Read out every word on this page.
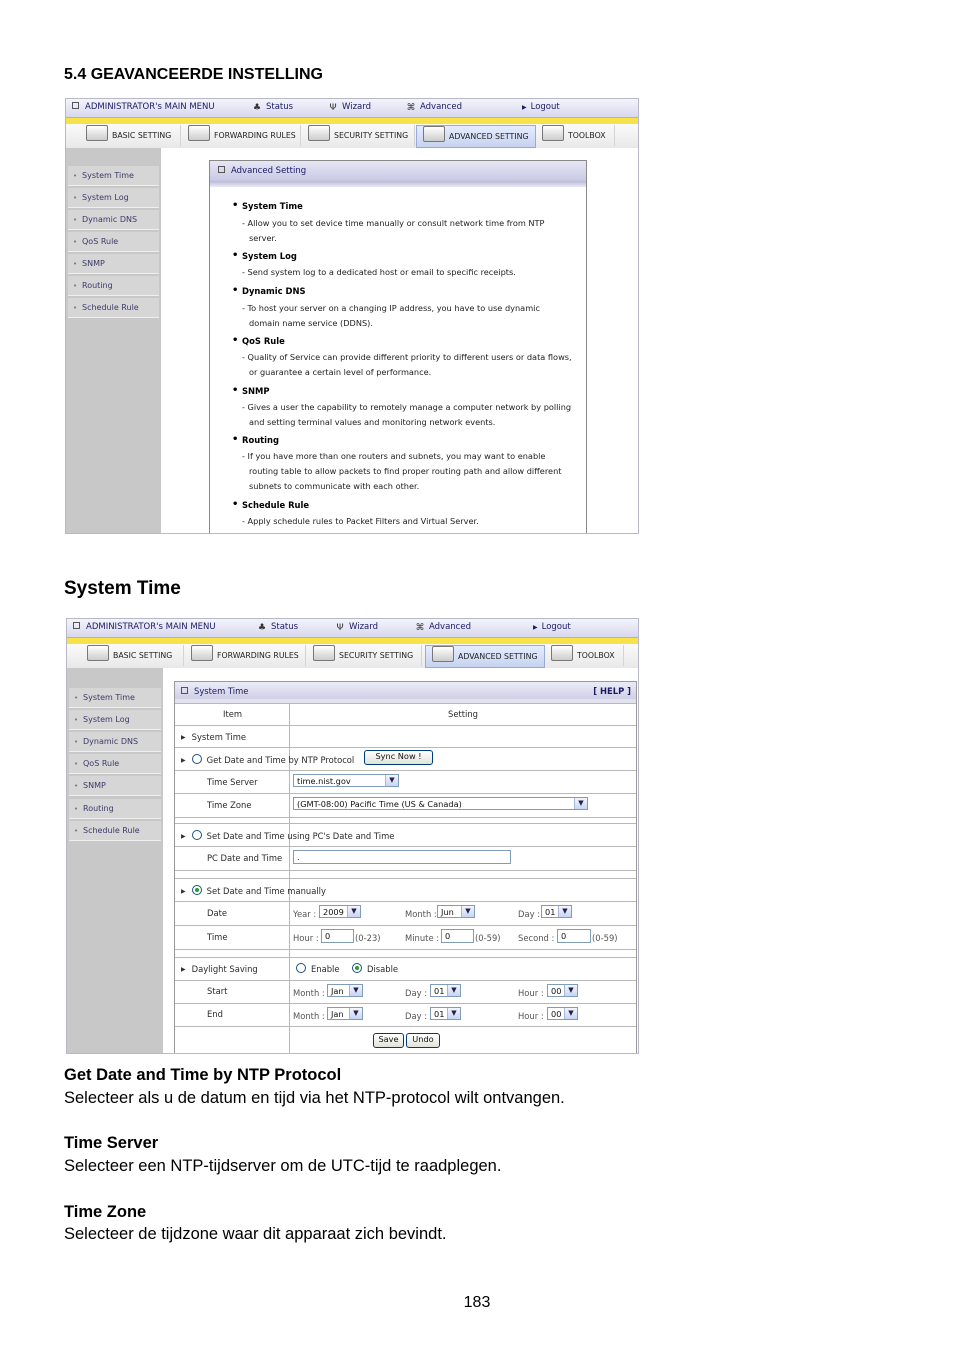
5.4 GEAVANCEERDE INSTELLING
ADMINISTRATOR's MAIN MENU	♣ Status	Ψ Wizard	⌘ Advanced	▶ Logout
BASIC SETTING	FORWARDING RULES	SECURITY SETTING	ADVANCED SETTING	TOOLBOX
• System Time
• System Log
• Dynamic DNS
• QoS Rule
• SNMP
• Routing
• Schedule Rule
Advanced Setting
• System Time
- Allow you to set device time manually or consult network time from NTP
server.
• System Log
- Send system log to a dedicated host or email to specific receipts.
• Dynamic DNS
- To host your server on a changing IP address, you have to use dynamic
domain name service (DDNS).
• QoS Rule
- Quality of Service can provide different priority to different users or data flows,
or guarantee a certain level of performance.
• SNMP
- Gives a user the capability to remotely manage a computer network by polling
and setting terminal values and monitoring network events.
• Routing
- If you have more than one routers and subnets, you may want to enable
routing table to allow packets to find proper routing path and allow different
subnets to communicate with each other.
• Schedule Rule
- Apply schedule rules to Packet Filters and Virtual Server.
System Time
ADMINISTRATOR's MAIN MENU	♣ Status	Ψ Wizard	⌘ Advanced	▶ Logout
BASIC SETTING	FORWARDING RULES	SECURITY SETTING	ADVANCED SETTING	TOOLBOX
• System Time
• System Log
• Dynamic DNS
• QoS Rule
• SNMP
• Routing
• Schedule Rule
System Time	[ HELP ]
Item	Setting
▶ System Time
▶	Get Date and Time by NTP Protocol	Sync Now !
Time Server	time.nist.gov	▼
Time Zone	(GMT-08:00) Pacific Time (US & Canada)	▼
▶	Set Date and Time using PC's Date and Time
PC Date and Time	.
▶	Set Date and Time manually
Date	Year : 2009	▼	Month : Jun	▼	Day : 01 ▼
Time	Hour : 0	(0-23)	Minute : 0	(0-59) Second : 0	(0-59)
▶ Daylight Saving	Enable	Disable
Start	Month : Jan	▼	Day : 01 ▼	Hour : 00 ▼
End	Month : Jan	▼	Day : 01 ▼	Hour : 00 ▼
Save	Undo
Get Date and Time by NTP Protocol
Selecteer als u de datum en tijd via het NTP-protocol wilt ontvangen.
Time Server
Selecteer een NTP-tijdserver om de UTC-tijd te raadplegen.
Time Zone
Selecteer de tijdzone waar dit apparaat zich bevindt.
183
